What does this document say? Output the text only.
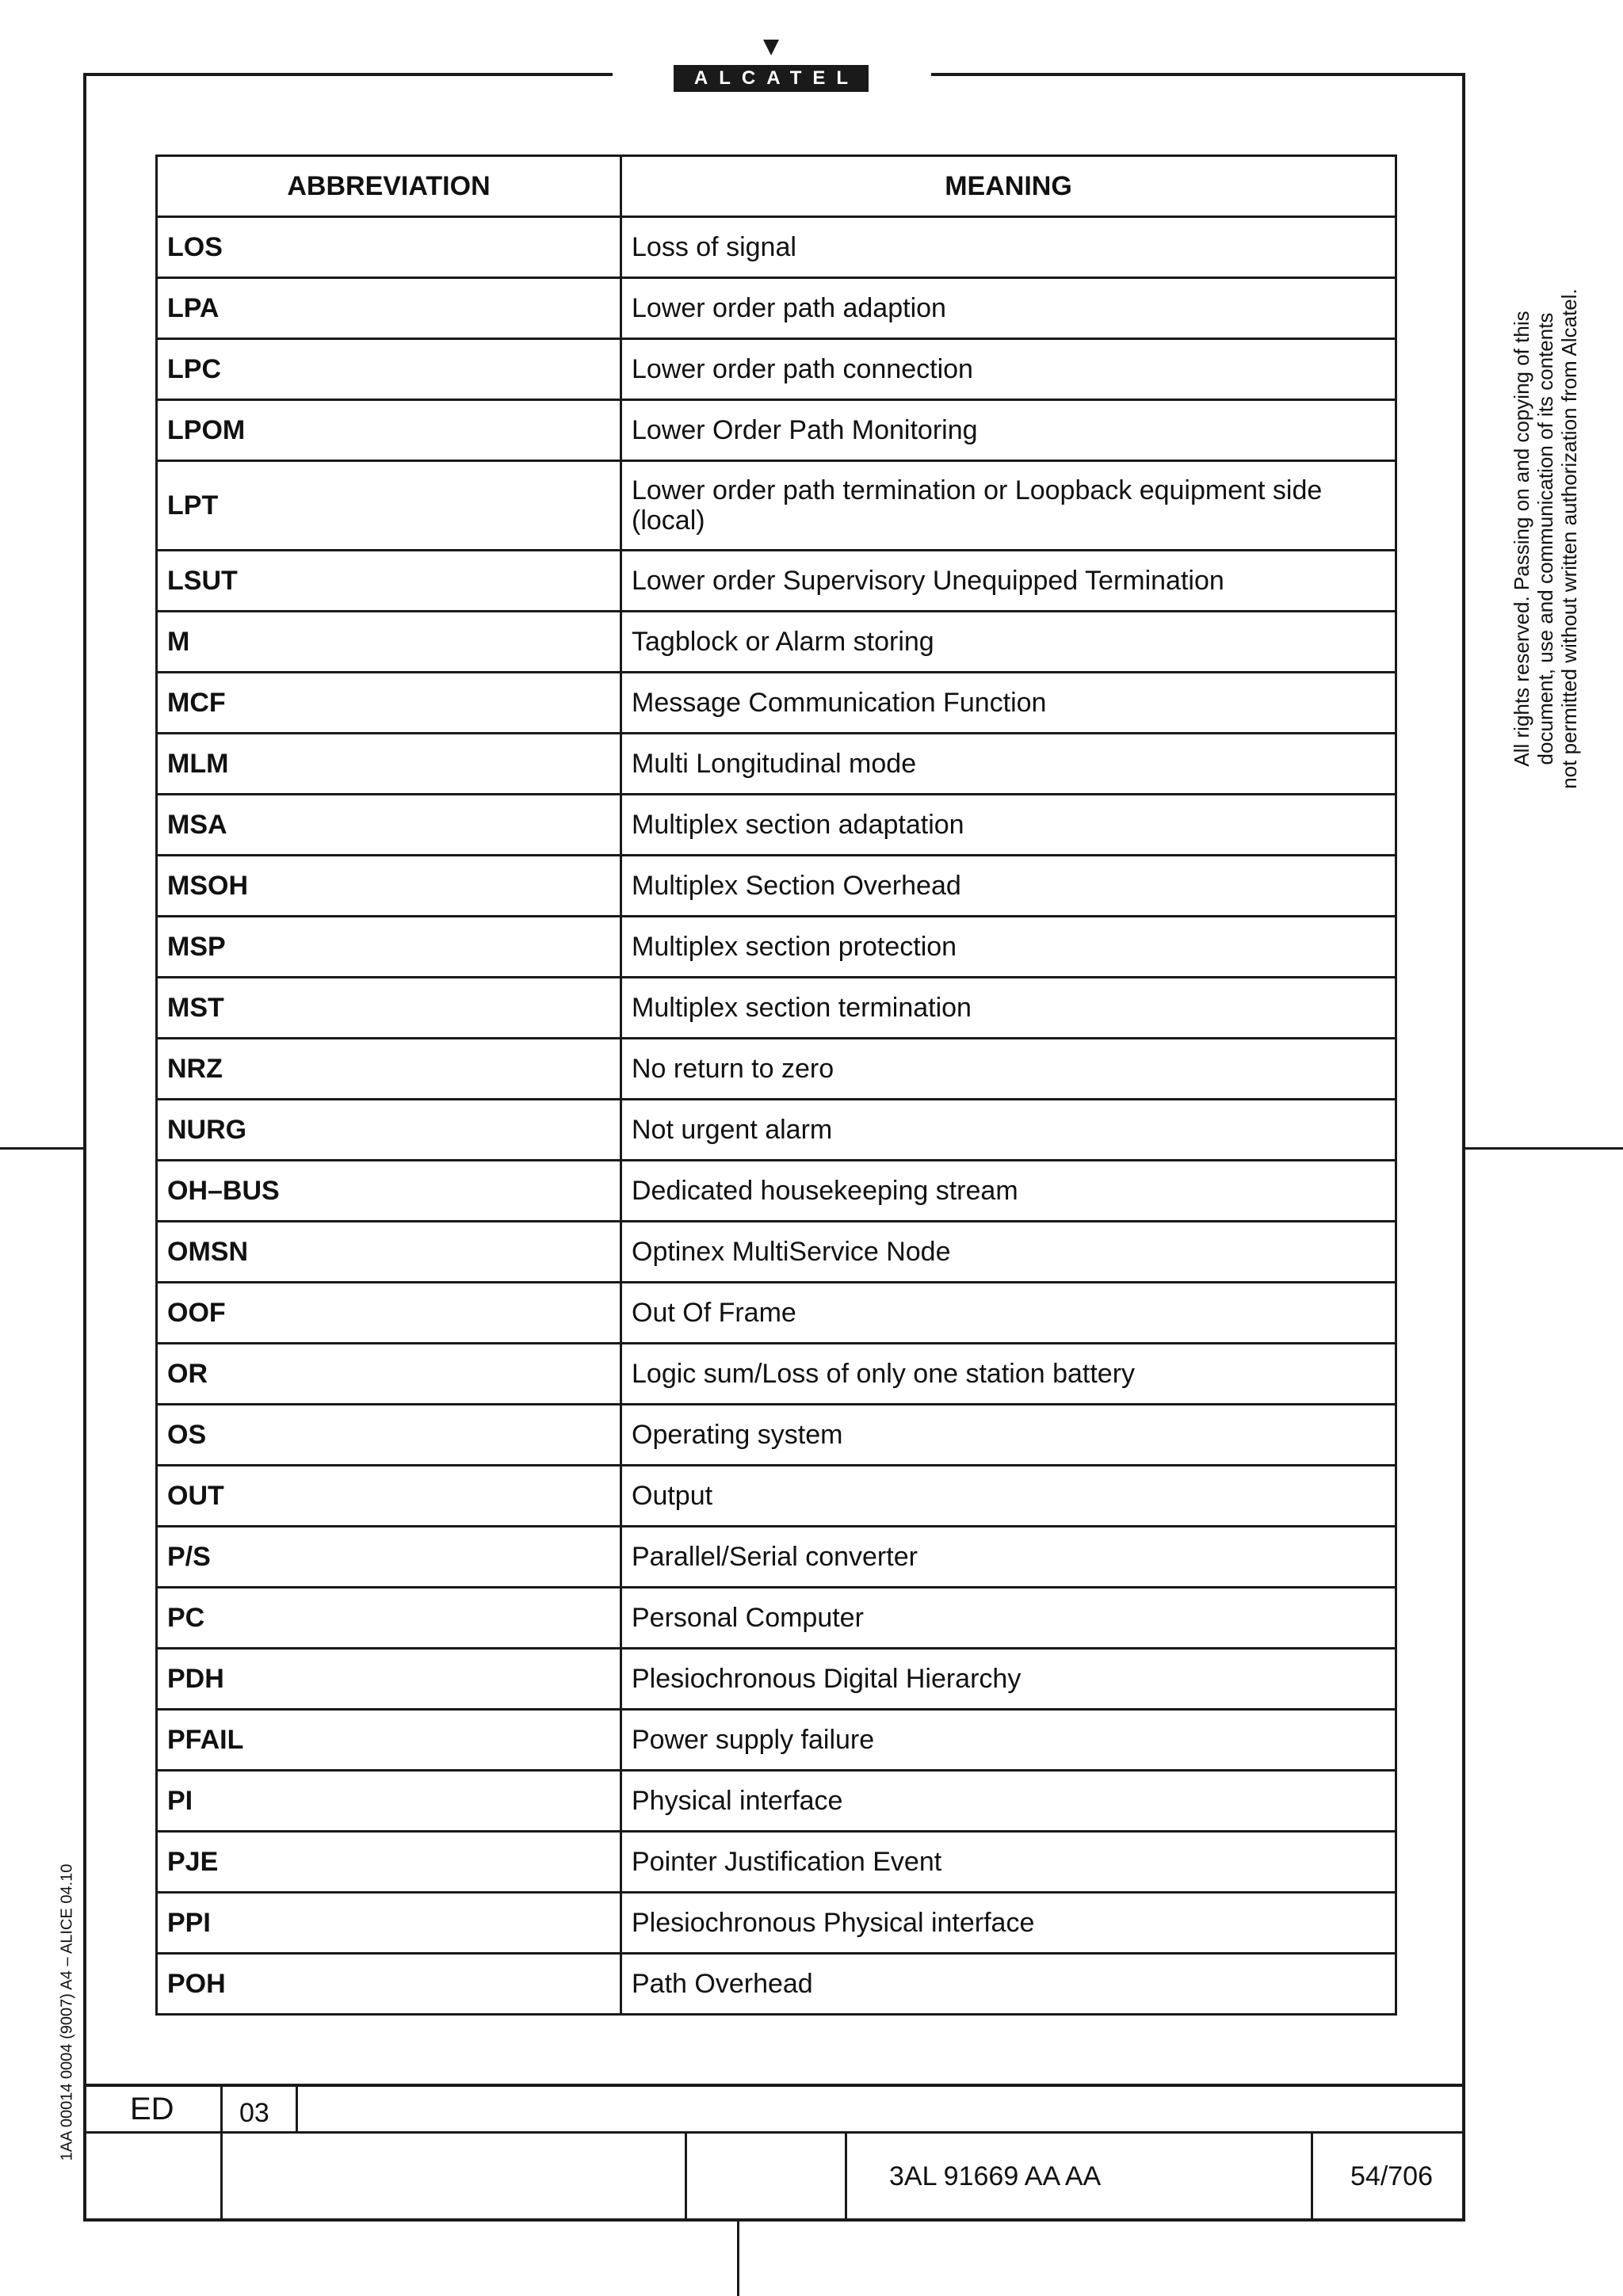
ALCATEL
ABBREVIATION	MEANING
LOS	Loss of signal
LPA	Lower order path adaption
LPC	Lower order path connection
LPOM	Lower Order Path Monitoring
LPT	Lower order path termination or Loopback equipment side (local)
LSUT	Lower order Supervisory Unequipped Termination
M	Tagblock or Alarm storing
MCF	Message Communication Function
MLM	Multi Longitudinal mode
MSA	Multiplex section adaptation
MSOH	Multiplex Section Overhead
MSP	Multiplex section protection
MST	Multiplex section termination
NRZ	No return to zero
NURG	Not urgent alarm
OH–BUS	Dedicated housekeeping stream
OMSN	Optinex MultiService Node
OOF	Out Of Frame
OR	Logic sum/Loss of only one station battery
OS	Operating system
OUT	Output
P/S	Parallel/Serial converter
PC	Personal Computer
PDH	Plesiochronous Digital Hierarchy
PFAIL	Power supply failure
PI	Physical interface
PJE	Pointer Justification Event
PPI	Plesiochronous Physical interface
POH	Path Overhead
All rights reserved. Passing on and copying of this document, use and communication of its contents not permitted without written authorization from Alcatel.
1AA 00014 0004 (9007) A4 – ALICE 04.10 ED 03
3AL 91669 AA AA	54/706
